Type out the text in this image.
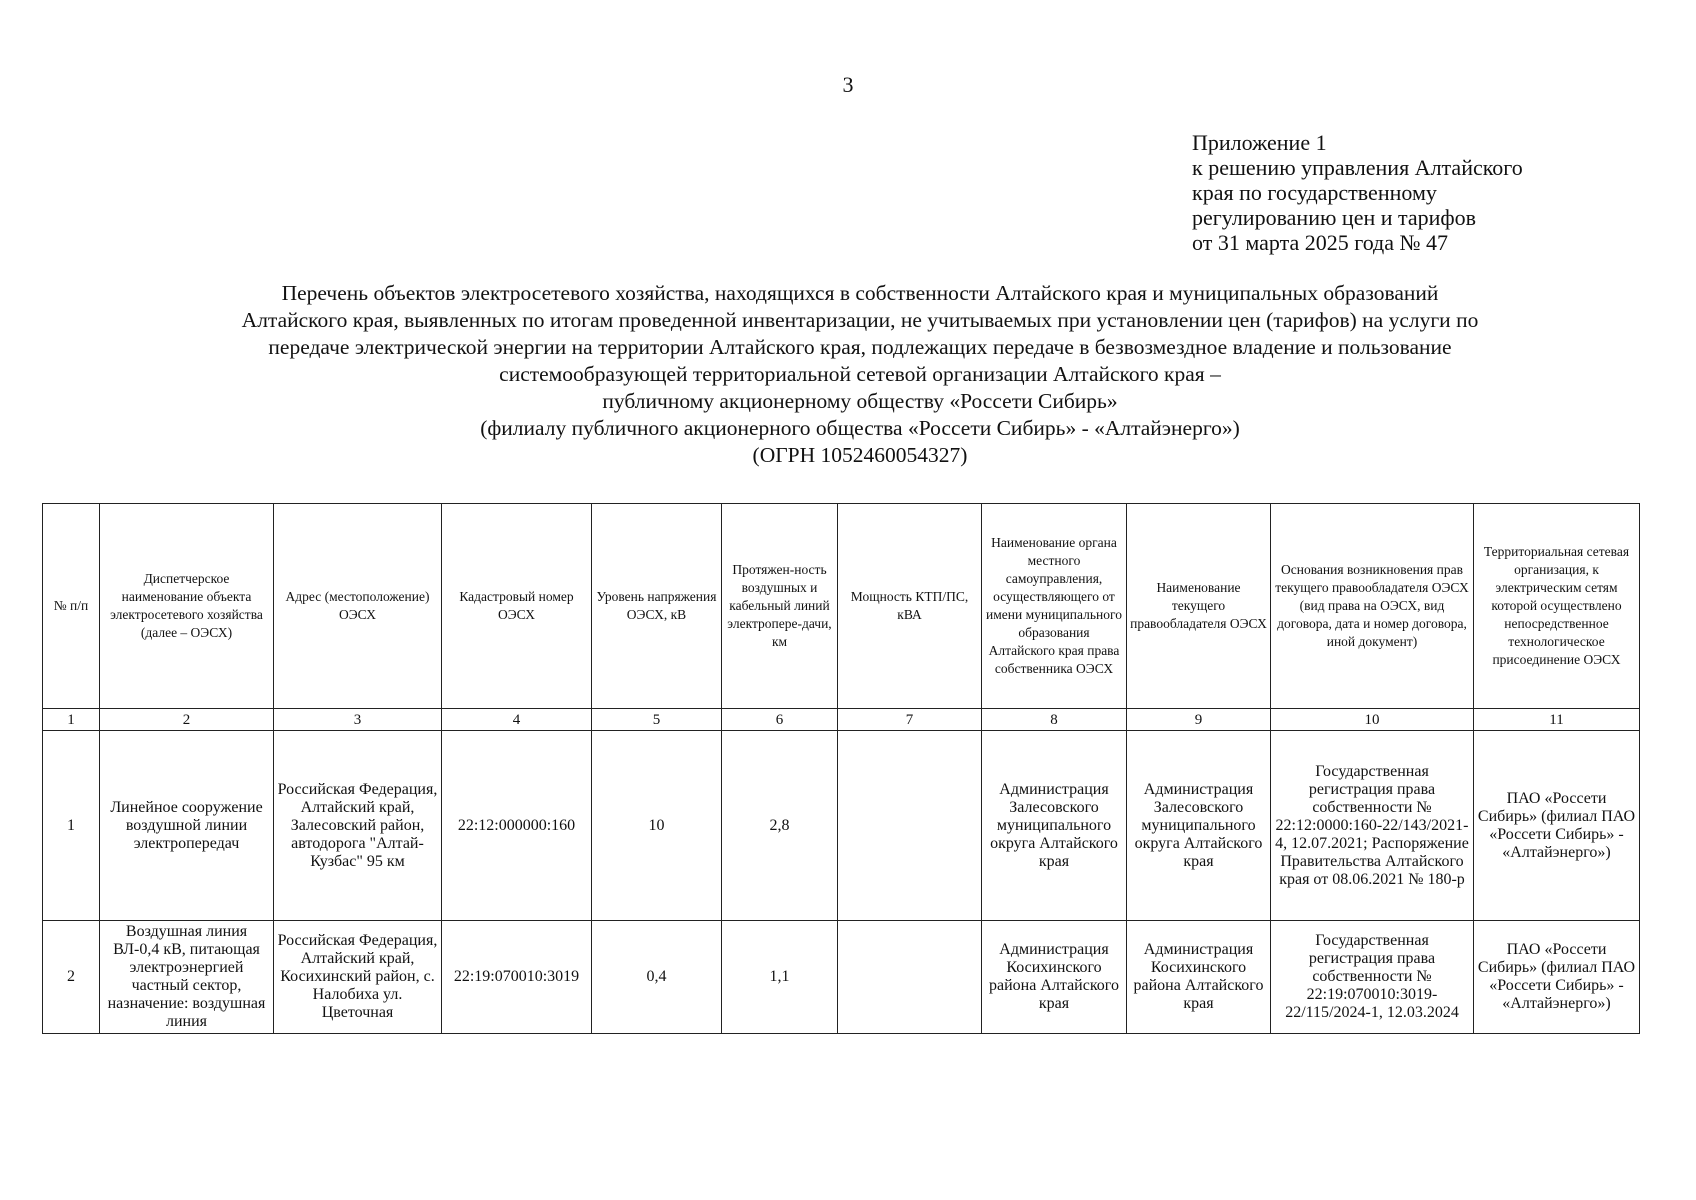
3
Приложение 1
к решению управления Алтайского
края по государственному
регулированию цен и тарифов
от 31 марта 2025 года № 47
Перечень объектов электросетевого хозяйства, находящихся в собственности Алтайского края и муниципальных образований
Алтайского края, выявленных по итогам проведенной инвентаризации, не учитываемых при установлении цен (тарифов) на услуги по
передаче электрической энергии на территории Алтайского края, подлежащих передаче в безвозмездное владение и пользование
системообразующей территориальной сетевой организации Алтайского края –
публичному акционерному обществу «Россети Сибирь»
(филиалу публичного акционерного общества «Россети Сибирь» - «Алтайэнерго»)
(ОГРН 1052460054327)
№ п/п	Диспетчерское наименование объекта электросетевого хозяйства (далее – ОЭСХ)	Адрес (местоположение) ОЭСХ	Кадастровый номер ОЭСХ	Уровень напряжения ОЭСХ, кВ	Протяжен-ность воздушных и кабельный линий электропере-дачи, км	Мощность КТП/ПС, кВА	Наименование органа местного самоуправления, осуществляющего от имени муниципального образования Алтайского края права собственника ОЭСХ	Наименование текущего правообладателя ОЭСХ	Основания возникновения прав текущего правообладателя ОЭСХ (вид права на ОЭСХ, вид договора, дата и номер договора, иной документ)	Территориальная сетевая организация, к электрическим сетям которой осуществлено непосредственное технологическое присоединение ОЭСХ
1	2	3	4	5	6	7	8	9	10	11
1	Линейное сооружение воздушной линии электропередач	Российская Федерация, Алтайский край, Залесовский район, автодорога "Алтай-Кузбас" 95 км	22:12:000000:160	10	2,8		Администрация Залесовского муниципального округа Алтайского края	Администрация Залесовского муниципального округа Алтайского края	Государственная регистрация права собственности № 22:12:0000:160-22/143/2021-4, 12.07.2021; Распоряжение Правительства Алтайского края от 08.06.2021 № 180-р	ПАО «Россети Сибирь» (филиал ПАО «Россети Сибирь» - «Алтайэнерго»)
2	Воздушная линия ВЛ-0,4 кВ, питающая электроэнергией частный сектор, назначение: воздушная линия	Российская Федерация, Алтайский край, Косихинский район, с. Налобиха ул. Цветочная	22:19:070010:3019	0,4	1,1		Администрация Косихинского района Алтайского края	Администрация Косихинского района Алтайского края	Государственная регистрация права собственности № 22:19:070010:3019-22/115/2024-1, 12.03.2024	ПАО «Россети Сибирь» (филиал ПАО «Россети Сибирь» - «Алтайэнерго»)
